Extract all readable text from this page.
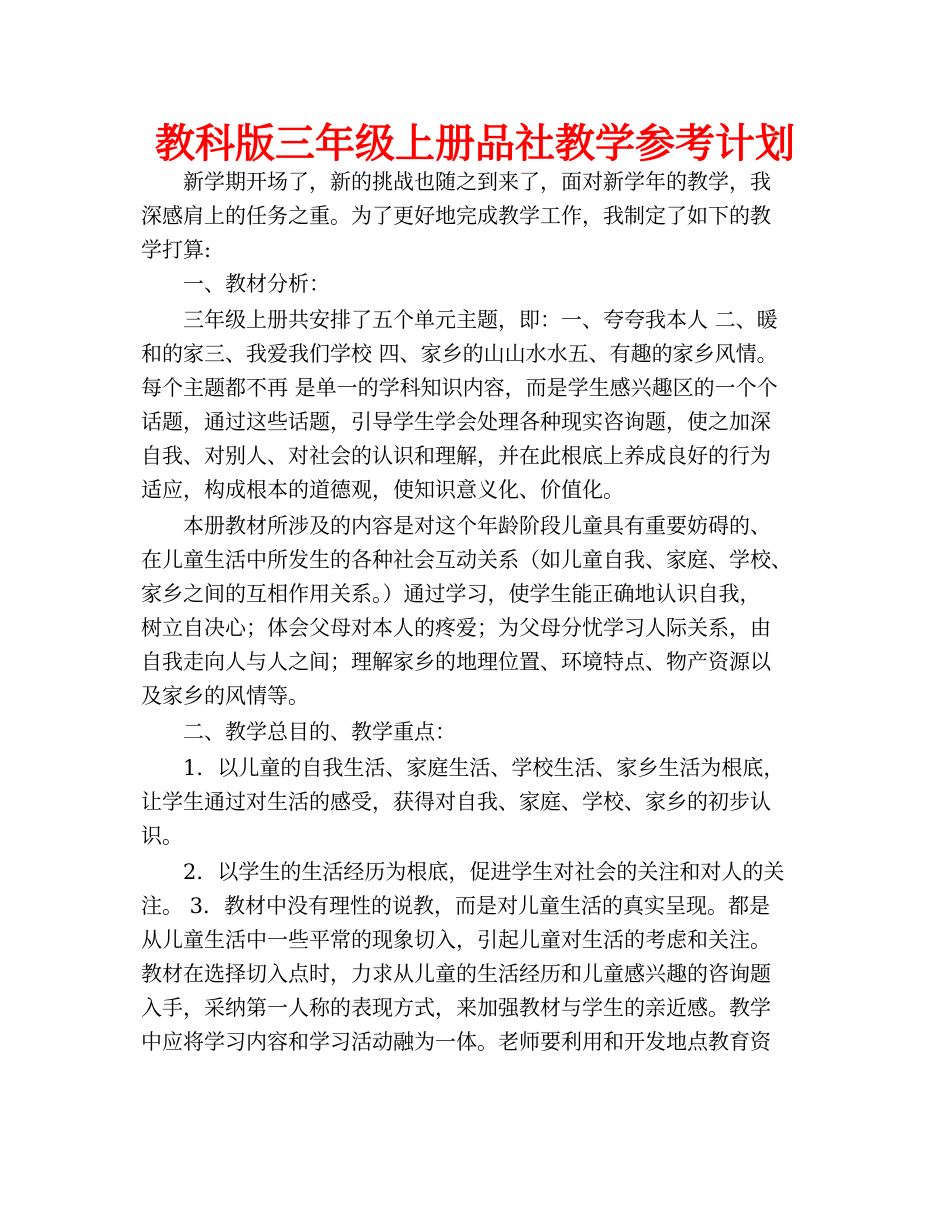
教科版三年级上册品社教学参考计划
新学期开场了，新的挑战也随之到来了，面对新学年的教学，我
深感肩上的任务之重。为了更好地完成教学工作，我制定了如下的教
学打算:
一、教材分析：
三年级上册共安排了五个单元主题，即：一、夸夸我本人 二、暖
和的家三、我爱我们学校 四、家乡的山山水水五、有趣的家乡风情。
每个主题都不再 是单一的学科知识内容，而是学生感兴趣区的一个个
话题，通过这些话题，引导学生学会处理各种现实咨询题，使之加深
自我、对别人、对社会的认识和理解，并在此根底上养成良好的行为
适应，构成根本的道德观，使知识意义化、价值化。
本册教材所涉及的内容是对这个年龄阶段儿童具有重要妨碍的、
在儿童生活中所发生的各种社会互动关系（如儿童自我、家庭、学校、
家乡之间的互相作用关系。）通过学习，使学生能正确地认识自我，
树立自决心；体会父母对本人的疼爱；为父母分忧学习人际关系，由
自我走向人与人之间；理解家乡的地理位置、环境特点、物产资源以
及家乡的风情等。
二、教学总目的、教学重点：
1．以儿童的自我生活、家庭生活、学校生活、家乡生活为根底，
让学生通过对生活的感受，获得对自我、家庭、学校、家乡的初步认
识。
2．以学生的生活经历为根底，促进学生对社会的关注和对人的关
注。 3．教材中没有理性的说教，而是对儿童生活的真实呈现。都是
从儿童生活中一些平常的现象切入，引起儿童对生活的考虑和关注。
教材在选择切入点时，力求从儿童的生活经历和儿童感兴趣的咨询题
入手，采纳第一人称的表现方式，来加强教材与学生的亲近感。教学
中应将学习内容和学习活动融为一体。老师要利用和开发地点教育资
